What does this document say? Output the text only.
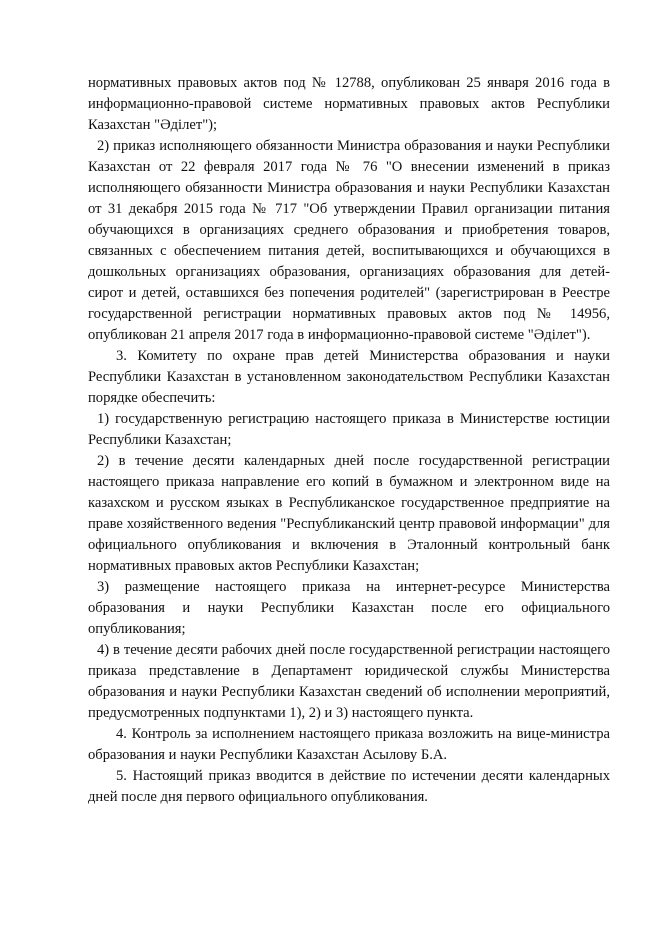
нормативных правовых актов под № 12788, опубликован 25 января 2016 года в информационно-правовой системе нормативных правовых актов Республики Казахстан "Әділет");

2) приказ исполняющего обязанности Министра образования и науки Республики Казахстан от 22 февраля 2017 года № 76 "О внесении изменений в приказ исполняющего обязанности Министра образования и науки Республики Казахстан от 31 декабря 2015 года № 717 "Об утверждении Правил организации питания обучающихся в организациях среднего образования и приобретения товаров, связанных с обеспечением питания детей, воспитывающихся и обучающихся в дошкольных организациях образования, организациях образования для детей-сирот и детей, оставшихся без попечения родителей" (зарегистрирован в Реестре государственной регистрации нормативных правовых актов под № 14956, опубликован 21 апреля 2017 года в информационно-правовой системе "Әділет").

3. Комитету по охране прав детей Министерства образования и науки Республики Казахстан в установленном законодательством Республики Казахстан порядке обеспечить:

1) государственную регистрацию настоящего приказа в Министерстве юстиции Республики Казахстан;

2) в течение десяти календарных дней после государственной регистрации настоящего приказа направление его копий в бумажном и электронном виде на казахском и русском языках в Республиканское государственное предприятие на праве хозяйственного ведения "Республиканский центр правовой информации" для официального опубликования и включения в Эталонный контрольный банк нормативных правовых актов Республики Казахстан;

3) размещение настоящего приказа на интернет-ресурсе Министерства образования и науки Республики Казахстан после его официального опубликования;

4) в течение десяти рабочих дней после государственной регистрации настоящего приказа представление в Департамент юридической службы Министерства образования и науки Республики Казахстан сведений об исполнении мероприятий, предусмотренных подпунктами 1), 2) и 3) настоящего пункта.

4. Контроль за исполнением настоящего приказа возложить на вице-министра образования и науки Республики Казахстан Асылову Б.А.

5. Настоящий приказ вводится в действие по истечении десяти календарных дней после дня первого официального опубликования.
